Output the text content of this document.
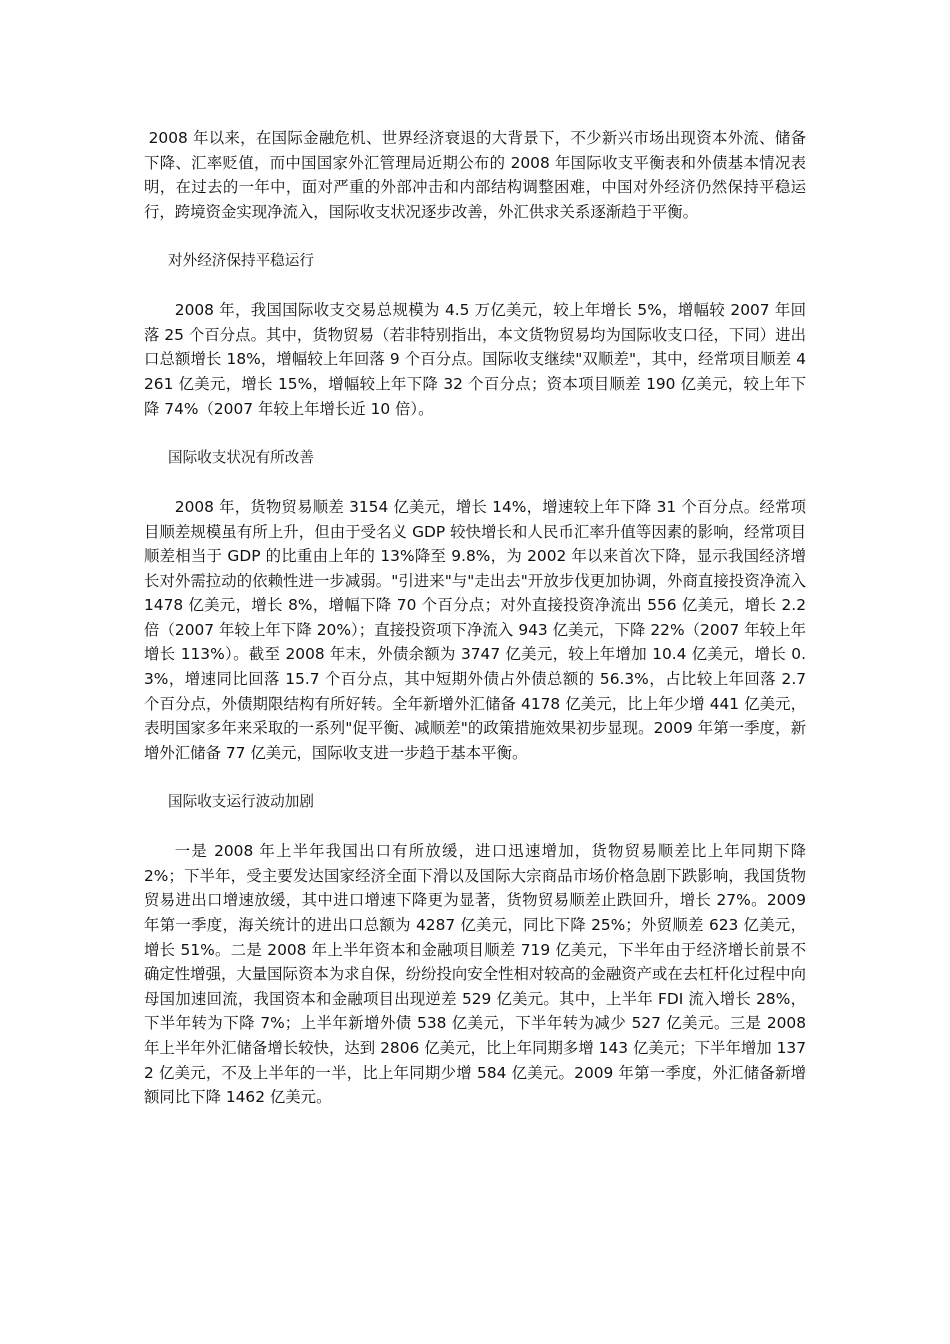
2008 年以来，在国际金融危机、世界经济衰退的大背景下，不少新兴市场出现资本外流、储备下降、汇率贬值，而中国国家外汇管理局近期公布的 2008 年国际收支平衡表和外债基本情况表明，在过去的一年中，面对严重的外部冲击和内部结构调整困难，中国对外经济仍然保持平稳运行，跨境资金实现净流入，国际收支状况逐步改善，外汇供求关系逐渐趋于平衡。

对外经济保持平稳运行

2008 年，我国国际收支交易总规模为 4.5 万亿美元，较上年增长 5%，增幅较 2007 年回落 25 个百分点。其中，货物贸易（若非特别指出，本文货物贸易均为国际收支口径，下同）进出口总额增长 18%，增幅较上年回落 9 个百分点。国际收支继续"双顺差"，其中，经常项目顺差 4261 亿美元，增长 15%，增幅较上年下降 32 个百分点；资本项目顺差 190 亿美元，较上年下降 74%（2007 年较上年增长近 10 倍）。

国际收支状况有所改善

2008 年，货物贸易顺差 3154 亿美元，增长 14%，增速较上年下降 31 个百分点。经常项目顺差规模虽有所上升，但由于受名义 GDP 较快增长和人民币汇率升值等因素的影响，经常项目顺差相当于 GDP 的比重由上年的 13%降至 9.8%，为 2002 年以来首次下降，显示我国经济增长对外需拉动的依赖性进一步减弱。"引进来"与"走出去"开放步伐更加协调，外商直接投资净流入 1478 亿美元，增长 8%，增幅下降 70 个百分点；对外直接投资净流出 556 亿美元，增长 2.2 倍（2007 年较上年下降 20%）；直接投资项下净流入 943 亿美元，下降 22%（2007 年较上年增长 113%）。截至 2008 年末，外债余额为 3747 亿美元，较上年增加 10.4 亿美元，增长 0.3%，增速同比回落 15.7 个百分点，其中短期外债占外债总额的 56.3%，占比较上年回落 2.7 个百分点，外债期限结构有所好转。全年新增外汇储备 4178 亿美元，比上年少增 441 亿美元，表明国家多年来采取的一系列"促平衡、减顺差"的政策措施效果初步显现。2009 年第一季度，新增外汇储备 77 亿美元，国际收支进一步趋于基本平衡。

国际收支运行波动加剧

一是 2008 年上半年我国出口有所放缓，进口迅速增加，货物贸易顺差比上年同期下降 2%；下半年，受主要发达国家经济全面下滑以及国际大宗商品市场价格急剧下跌影响，我国货物贸易进出口增速放缓，其中进口增速下降更为显著，货物贸易顺差止跌回升，增长 27%。2009 年第一季度，海关统计的进出口总额为 4287 亿美元，同比下降 25%；外贸顺差 623 亿美元，增长 51%。二是 2008 年上半年资本和金融项目顺差 719 亿美元，下半年由于经济增长前景不确定性增强，大量国际资本为求自保，纷纷投向安全性相对较高的金融资产或在去杠杆化过程中向母国加速回流，我国资本和金融项目出现逆差 529 亿美元。其中，上半年 FDI 流入增长 28%，下半年转为下降 7%；上半年新增外债 538 亿美元，下半年转为减少 527 亿美元。三是 2008 年上半年外汇储备增长较快，达到 2806 亿美元，比上年同期多增 143 亿美元；下半年增加 1372 亿美元，不及上半年的一半，比上年同期少增 584 亿美元。2009 年第一季度，外汇储备新增额同比下降 1462 亿美元。
